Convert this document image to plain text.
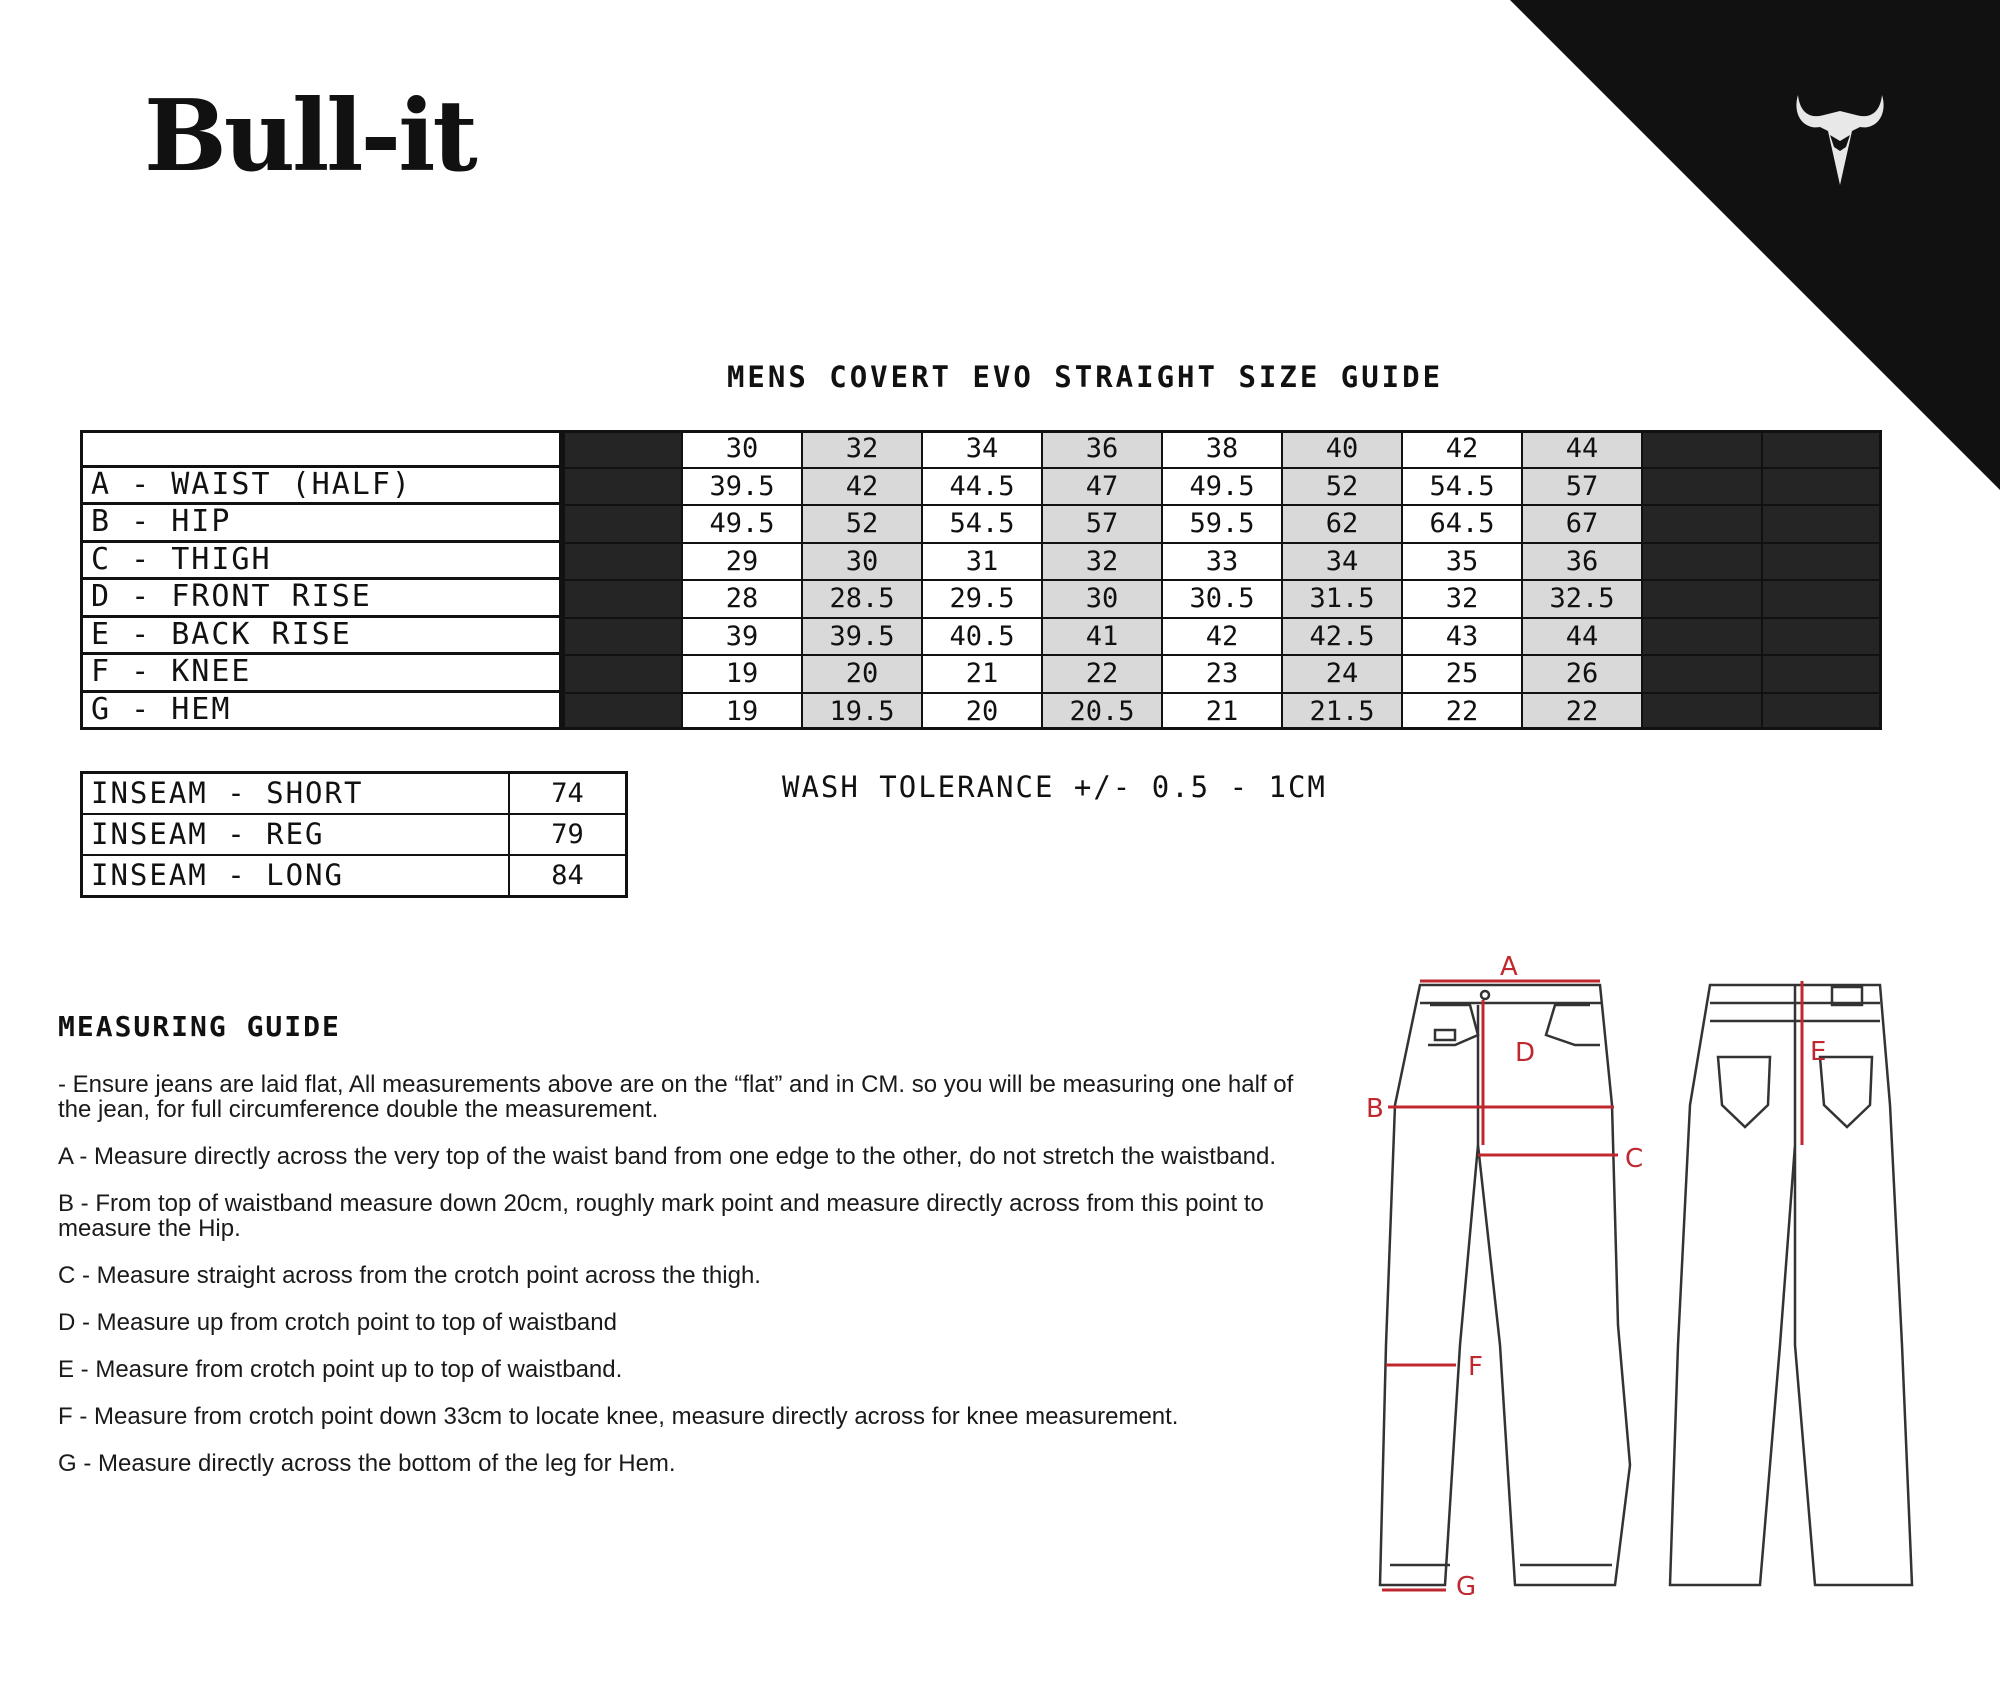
Bull-it
MENS COVERT EVO STRAIGHT SIZE GUIDE
30	32	34	36	38	40	42	44
A - WAIST (HALF)	39.5	42	44.5	47	49.5	52	54.5	57
B - HIP	49.5	52	54.5	57	59.5	62	64.5	67
C - THIGH	29	30	31	32	33	34	35	36
D - FRONT RISE	28	28.5	29.5	30	30.5	31.5	32	32.5
E - BACK RISE	39	39.5	40.5	41	42	42.5	43	44
F - KNEE	19	20	21	22	23	24	25	26
G - HEM	19	19.5	20	20.5	21	21.5	22	22
WASH TOLERANCE +/- 0.5 - 1CM
INSEAM - SHORT	74
INSEAM - REG	79
INSEAM - LONG	84
MEASURING GUIDE

- Ensure jeans are laid flat, All measurements above are on the “flat” and in CM. so you will be measuring one half of the jean, for full circumference double the measurement.

A - Measure directly across the very top of the waist band from one edge to the other, do not stretch the waistband.

B - From top of waistband measure down 20cm, roughly mark point and measure directly across from this point to measure the Hip.

C - Measure straight across from the crotch point across the thigh.

D - Measure up from crotch point to top of waistband

E - Measure from crotch point up to top of waistband.

F - Measure from crotch point down 33cm to locate knee, measure directly across for knee measurement.

G - Measure directly across the bottom of the leg for Hem.

A
B
C
D	E
F
G
